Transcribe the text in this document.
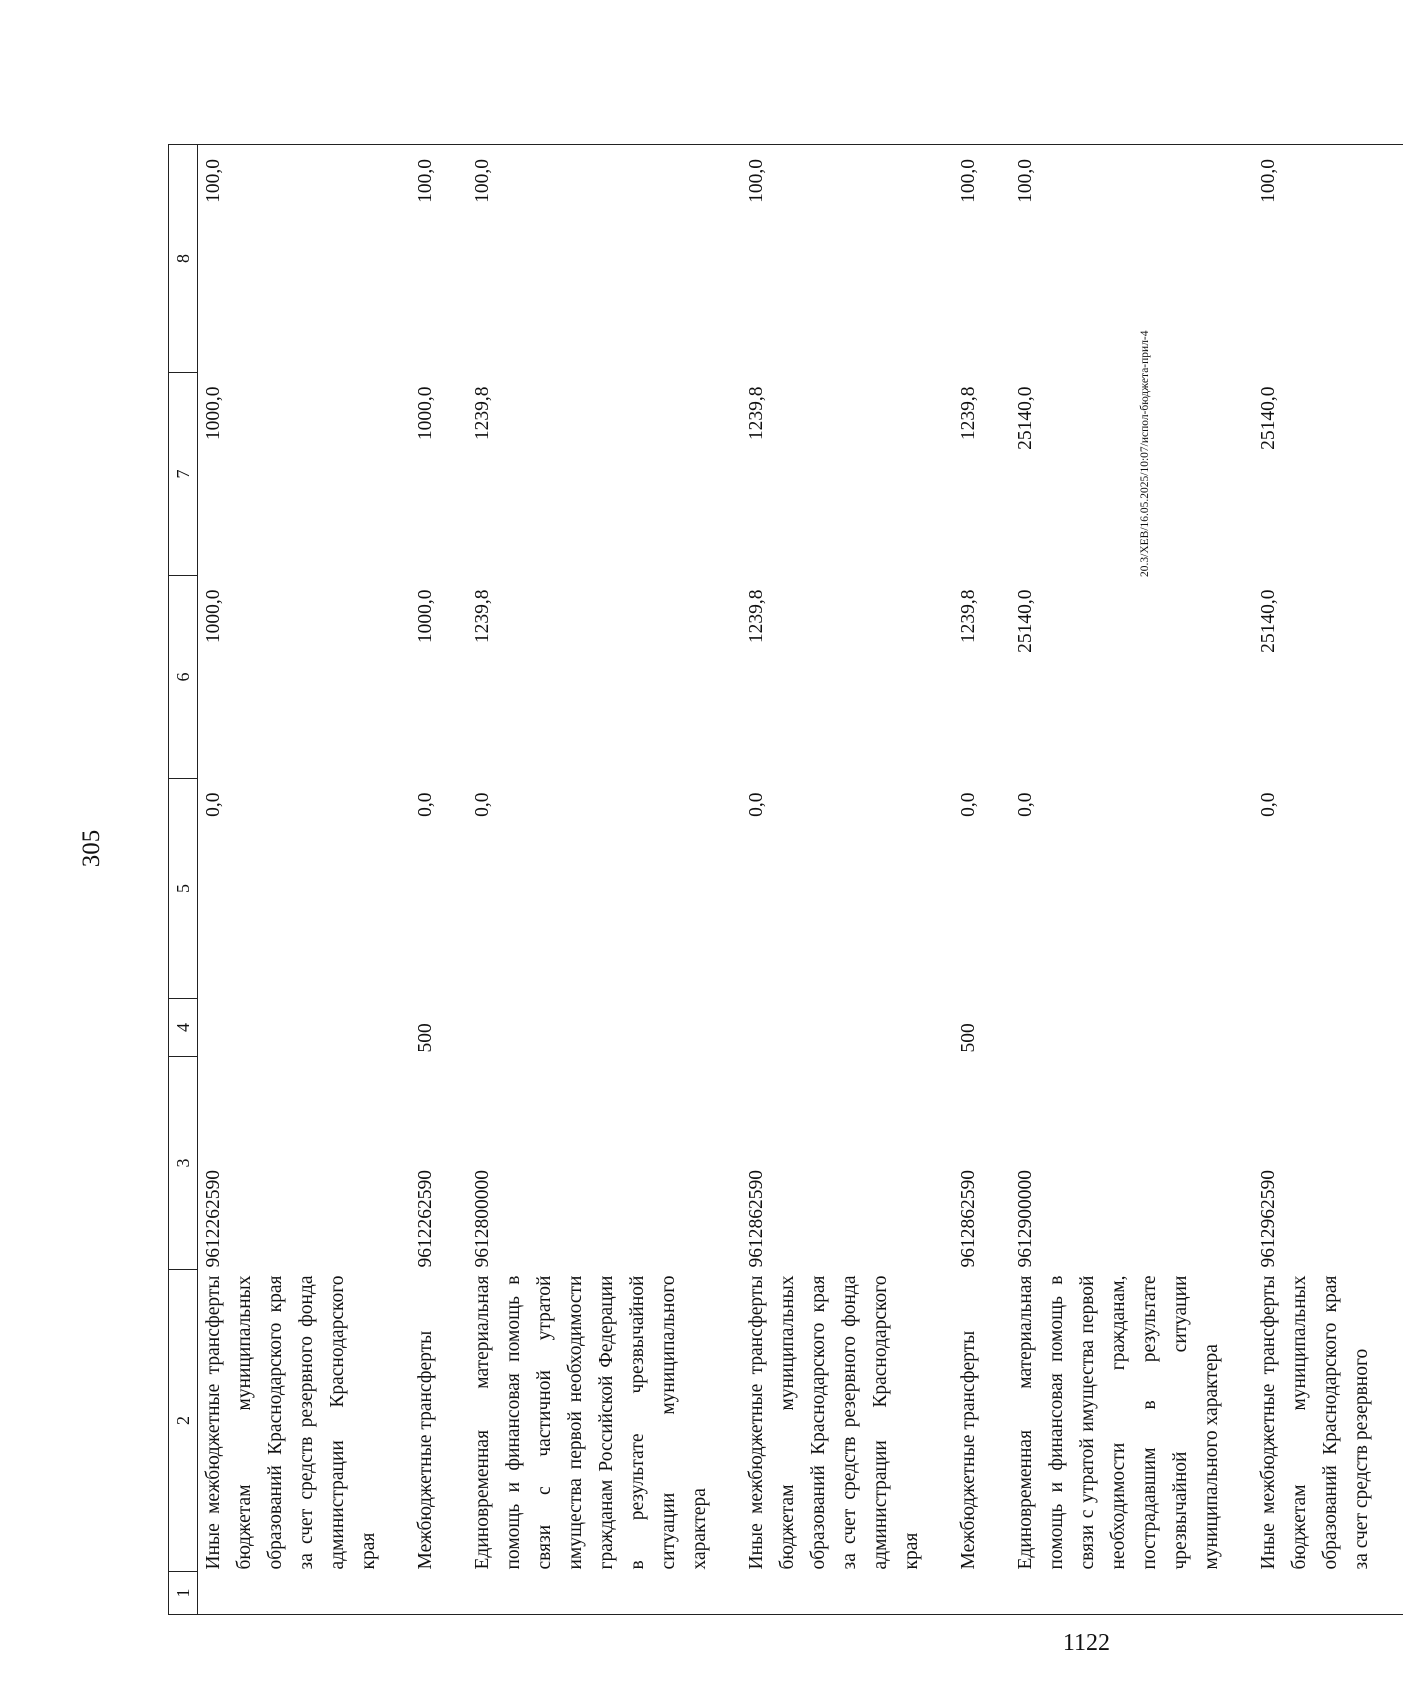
305
1	2	3	4	5	6	7	8
	Иные межбюджетные трансферты бюджетам муниципальных образований Краснодарского края за счет средств резервного фонда администрации Краснодарского края	9612262590		0,0	1000,0	1000,0	100,0
	Межбюджетные трансферты	9612262590	500	0,0	1000,0	1000,0	100,0
	Единовременная материальная помощь и финансовая помощь в связи с частичной утратой имущества первой необходимости гражданам Российской Федерации в результате чрезвычайной ситуации муниципального характера	9612800000		0,0	1239,8	1239,8	100,0
	Иные межбюджетные трансферты бюджетам муниципальных образований Краснодарского края за счет средств резервного фонда администрации Краснодарского края	9612862590		0,0	1239,8	1239,8	100,0
	Межбюджетные трансферты	9612862590	500	0,0	1239,8	1239,8	100,0
	Единовременная материальная помощь и финансовая помощь в связи с утратой имущества первой необходимости гражданам, пострадавшим в результате чрезвычайной ситуации муниципального характера	9612900000		0,0	25140,0	25140,0	100,0
	Иные межбюджетные трансферты бюджетам муниципальных образований Краснодарского края за счет средств резервного	9612962590		0,0	25140,0	25140,0	100,0
20.3/ХЕВ/16.05.2025/10:07/испол-бюджета-прил-4
1122
